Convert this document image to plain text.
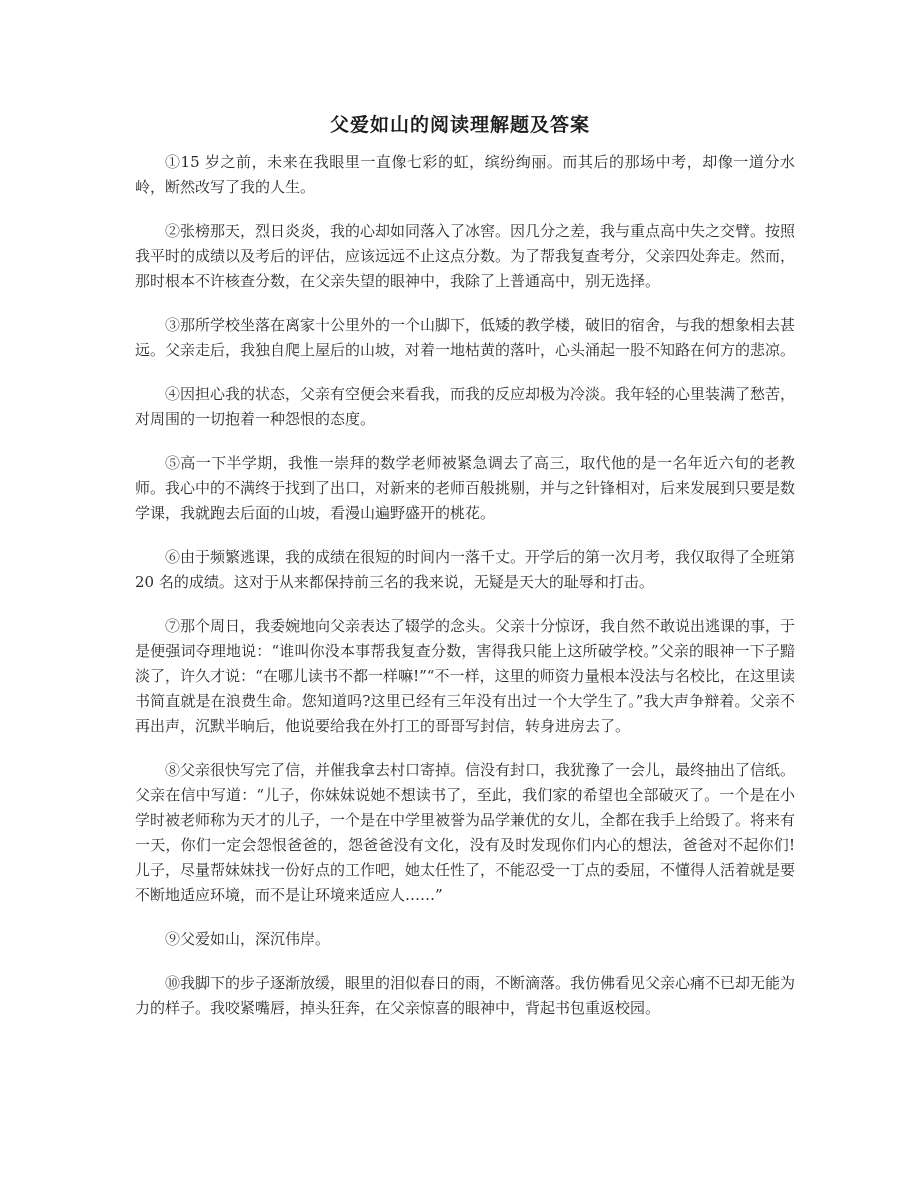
父爱如山的阅读理解题及答案

①15 岁之前，未来在我眼里一直像七彩的虹，缤纷绚丽。而其后的那场中考，却像一道分水岭，断然改写了我的人生。

②张榜那天，烈日炎炎，我的心却如同落入了冰窖。因几分之差，我与重点高中失之交臂。按照我平时的成绩以及考后的评估，应该远远不止这点分数。为了帮我复查考分，父亲四处奔走。然而，那时根本不许核查分数，在父亲失望的眼神中，我除了上普通高中，别无选择。

③那所学校坐落在离家十公里外的一个山脚下，低矮的教学楼，破旧的宿舍，与我的想象相去甚远。父亲走后，我独自爬上屋后的山坡，对着一地枯黄的落叶，心头涌起一股不知路在何方的悲凉。

④因担心我的状态，父亲有空便会来看我，而我的反应却极为冷淡。我年轻的心里装满了愁苦，对周围的一切抱着一种怨恨的态度。

⑤高一下半学期，我惟一崇拜的数学老师被紧急调去了高三，取代他的是一名年近六旬的老教师。我心中的不满终于找到了出口，对新来的老师百般挑剔，并与之针锋相对，后来发展到只要是数学课，我就跑去后面的山坡，看漫山遍野盛开的桃花。

⑥由于频繁逃课，我的成绩在很短的时间内一落千丈。开学后的第一次月考，我仅取得了全班第 20 名的成绩。这对于从来都保持前三名的我来说，无疑是天大的耻辱和打击。

⑦那个周日，我委婉地向父亲表达了辍学的念头。父亲十分惊讶，我自然不敢说出逃课的事，于是便强词夺理地说：“谁叫你没本事帮我复查分数，害得我只能上这所破学校。”父亲的眼神一下子黯淡了，许久才说：“在哪儿读书不都一样嘛!”“不一样，这里的师资力量根本没法与名校比，在这里读书简直就是在浪费生命。您知道吗?这里已经有三年没有出过一个大学生了。”我大声争辩着。父亲不再出声，沉默半晌后，他说要给我在外打工的哥哥写封信，转身进房去了。

⑧父亲很快写完了信，并催我拿去村口寄掉。信没有封口，我犹豫了一会儿，最终抽出了信纸。父亲在信中写道：“儿子，你妹妹说她不想读书了，至此，我们家的希望也全部破灭了。一个是在小学时被老师称为天才的儿子，一个是在中学里被誉为品学兼优的女儿，全都在我手上给毁了。将来有一天，你们一定会怨恨爸爸的，怨爸爸没有文化，没有及时发现你们内心的想法，爸爸对不起你们!儿子，尽量帮妹妹找一份好点的工作吧，她太任性了，不能忍受一丁点的委屈，不懂得人活着就是要不断地适应环境，而不是让环境来适应人……”

⑨父爱如山，深沉伟岸。

⑩我脚下的步子逐渐放缓，眼里的泪似春日的雨，不断滴落。我仿佛看见父亲心痛不已却无能为力的样子。我咬紧嘴唇，掉头狂奔，在父亲惊喜的眼神中，背起书包重返校园。
